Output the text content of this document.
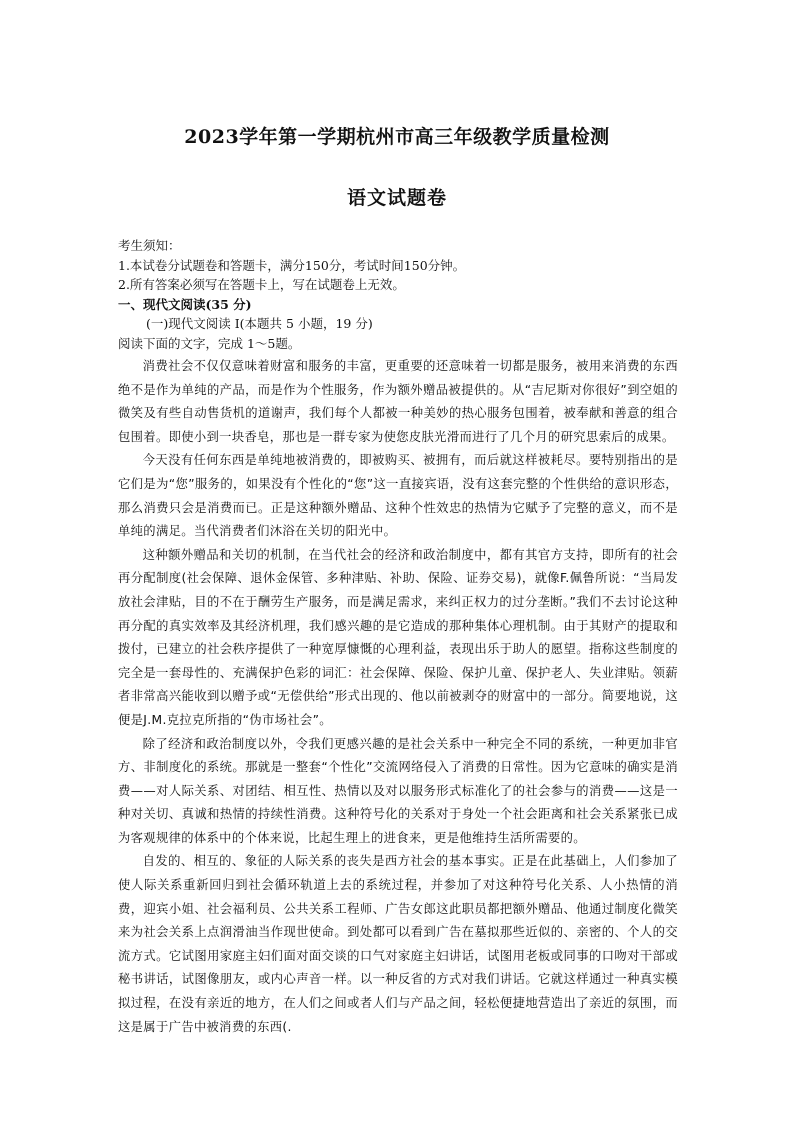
2023学年第一学期杭州市高三年级教学质量检测
语文试题卷
考生须知：
1.本试卷分试题卷和答题卡，满分150分，考试时间150分钟。
2.所有答案必须写在答题卡上，写在试题卷上无效。
一、现代文阅读(35 分)
(一)现代文阅读 I(本题共 5 小题，19 分)
阅读下面的文字，完成 1～5题。

消费社会不仅仅意味着财富和服务的丰富，更重要的还意味着一切都是服务，被用来消费的东西绝不是作为单纯的产品，而是作为个性服务，作为额外赠品被提供的。从“吉尼斯对你很好”到空姐的微笑及有些自动售货机的道谢声，我们每个人都被一种美妙的热心服务包围着，被奉献和善意的组合包围着。即使小到一块香皂，那也是一群专家为使您皮肤光滑而进行了几个月的研究思索后的成果。

今天没有任何东西是单纯地被消费的，即被购买、被拥有，而后就这样被耗尽。要特别指出的是它们是为“您”服务的，如果没有个性化的“您”这一直接宾语，没有这套完整的个性供给的意识形态，那么消费只会是消费而已。正是这种额外赠品、这种个性效忠的热情为它赋予了完整的意义，而不是单纯的满足。当代消费者们沐浴在关切的阳光中。

这种额外赠品和关切的机制，在当代社会的经济和政治制度中，都有其官方支持，即所有的社会再分配制度(社会保障、退休金保管、多种津贴、补助、保险、证券交易)，就像F.佩鲁所说：“当局发放社会津贴，目的不在于酬劳生产服务，而是满足需求，来纠正权力的过分垄断。”我们不去讨论这种再分配的真实效率及其经济机理，我们感兴趣的是它造成的那种集体心理机制。由于其财产的提取和拨付，已建立的社会秩序提供了一种宽厚慷慨的心理利益，表现出乐于助人的愿望。指称这些制度的完全是一套母性的、充满保护色彩的词汇：社会保障、保险、保护儿童、保护老人、失业津贴。领薪者非常高兴能收到以赠予或“无偿供给”形式出现的、他以前被剥夺的财富中的一部分。简要地说，这便是J.M.克拉克所指的“伪市场社会”。

除了经济和政治制度以外，令我们更感兴趣的是社会关系中一种完全不同的系统，一种更加非官方、非制度化的系统。那就是一整套“个性化”交流网络侵入了消费的日常性。因为它意味的确实是消费——对人际关系、对团结、相互性、热情以及对以服务形式标准化了的社会参与的消费——这是一种对关切、真诚和热情的持续性消费。这种符号化的关系对于身处一个社会距离和社会关系紧张已成为客观规律的体系中的个体来说，比起生理上的进食来，更是他维持生活所需要的。

自发的、相互的、象征的人际关系的丧失是西方社会的基本事实。正是在此基础上，人们参加了使人际关系重新回归到社会循环轨道上去的系统过程，并参加了对这种符号化关系、人小热情的消费，迎宾小姐、社会福利员、公共关系工程师、广告女郎这此职员都把额外赠品、他通过制度化微笑来为社会关系上点润滑油当作现世使命。到处都可以看到广告在墓拟那些近似的、亲密的、个人的交流方式。它试图用家庭主妇们面对面交谈的口气对家庭主妇讲话，试图用老板或同事的口吻对干部或秘书讲话，试图像朋友，或内心声音一样。以一种反省的方式对我们讲话。它就这样通过一种真实模拟过程，在没有亲近的地方，在人们之间或者人们与产品之间，轻松便捷地营造出了亲近的氛围，而这是属于广告中被消费的东西(.
